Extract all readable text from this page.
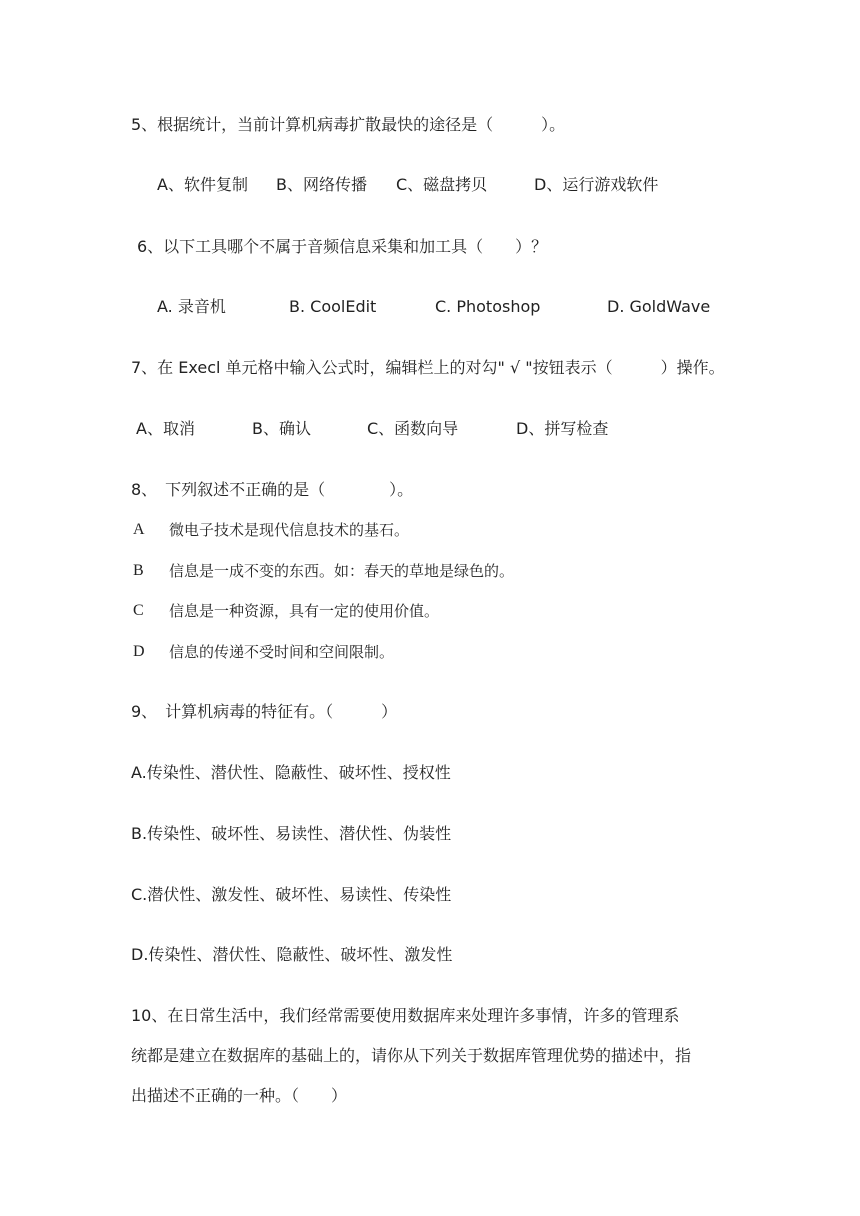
5、根据统计，当前计算机病毒扩散最快的途径是（　　　）。
A、软件复制 B、网络传播 C、磁盘拷贝	D、运行游戏软件
6、以下工具哪个不属于音频信息采集和加工具（　　）？
A. 录音机	B. CoolEdit	C. Photoshop	D. GoldWave
7、在 Execl 单元格中输入公式时，编辑栏上的对勾" √ "按钮表示（　　　）操作。
A、取消	B、确认	C、函数向导	D、拼写检查
8、　下列叙述不正确的是（　　　　）。
A 微电子技术是现代信息技术的基石。
B 信息是一成不变的东西。如：春天的草地是绿色的。
C 信息是一种资源，具有一定的使用价值。
D 信息的传递不受时间和空间限制。
9、　计算机病毒的特征有。（　　　）
A.传染性、潜伏性、隐蔽性、破坏性、授权性
B.传染性、破坏性、易读性、潜伏性、伪装性
C.潜伏性、激发性、破坏性、易读性、传染性
D.传染性、潜伏性、隐蔽性、破坏性、激发性
10、在日常生活中，我们经常需要使用数据库来处理许多事情，许多的管理系
统都是建立在数据库的基础上的，请你从下列关于数据库管理优势的描述中，指
出描述不正确的一种。（　　）
